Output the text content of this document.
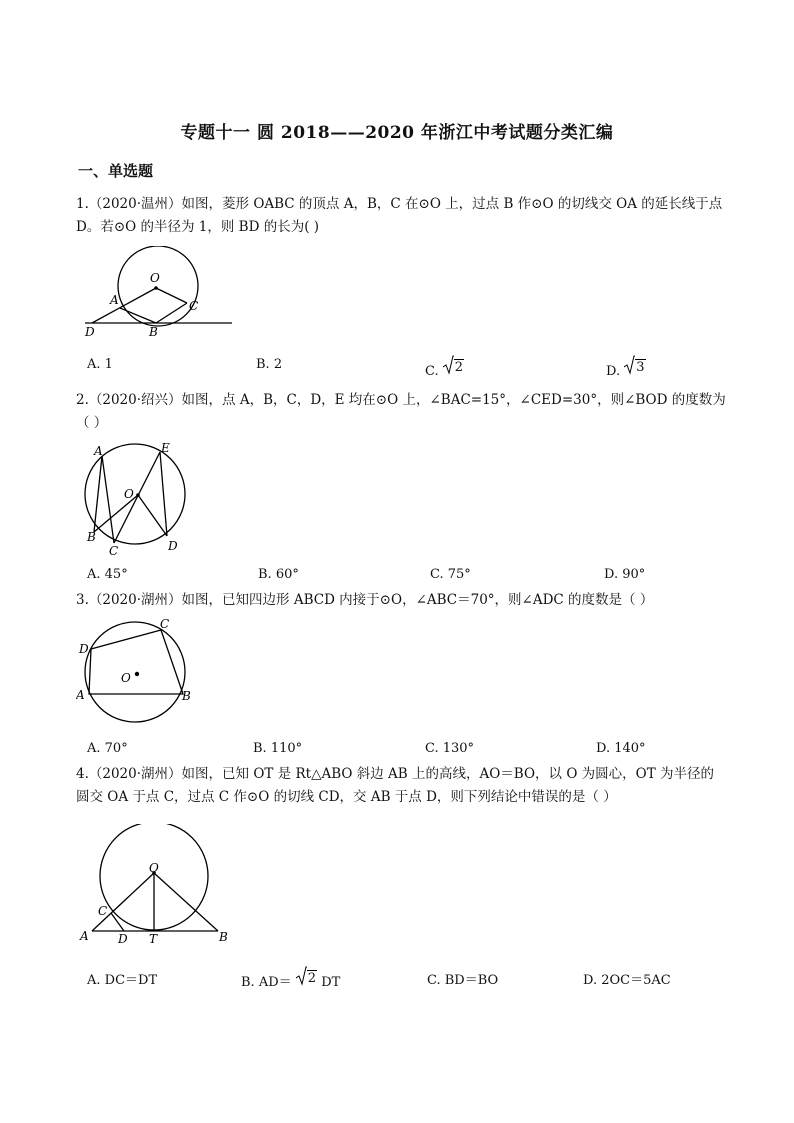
专题十一 圆 2018——2020 年浙江中考试题分类汇编
一、单选题
1.（2020·温州）如图，菱形 OABC 的顶点 A，B，C 在⊙O 上，过点 B 作⊙O 的切线交 OA 的延长线于点 D。若⊙O 的半径为 1，则 BD 的长为( )
O
A	C
D	B
A. 1	B. 2	C. 2	D. 3
2.（2020·绍兴）如图，点 A，B，C，D，E 均在⊙O 上，∠BAC=15°，∠CED=30°，则∠BOD 的度数为（ ）
A	E
O
B
C	D
A. 45°	B. 60°	C. 75°	D. 90°
3.（2020·湖州）如图，已知四边形 ABCD 内接于⊙O，∠ABC＝70°，则∠ADC 的度数是（ ）
C
D
O
A	B
A. 70°	B. 110°	C. 130°	D. 140°
4.（2020·湖州）如图，已知 OT 是 Rt△ABO 斜边 AB 上的高线，AO＝BO，以 O 为圆心，OT 为半径的圆交 OA 于点 C，过点 C 作⊙O 的切线 CD，交 AB 于点 D，则下列结论中错误的是（ ）
O
C
A D T	B
A. DC＝DT	B. AD＝ 2 DT	C. BD＝BO	D. 2OC＝5AC
